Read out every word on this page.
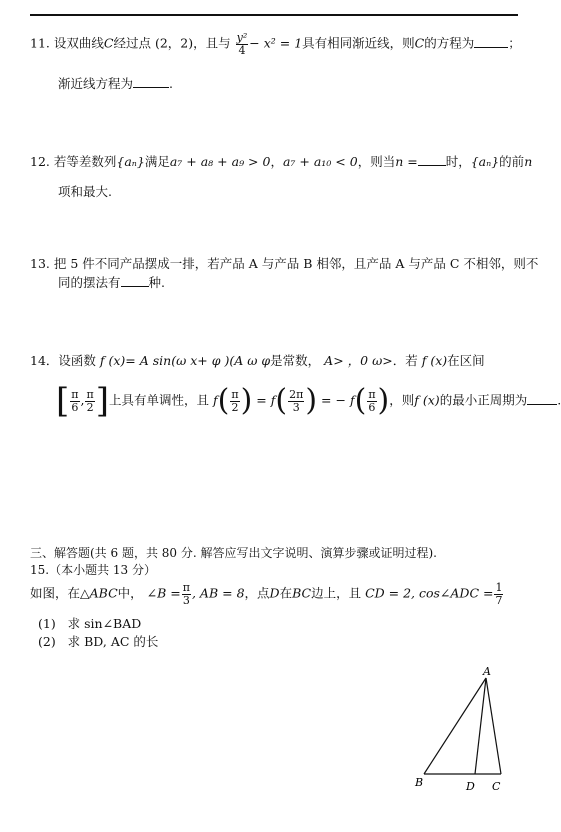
11. 设双曲线C经过点 (2，2)，且与 $\frac{\text{y²}}{4} - x^2 = 1$具有相同渐近线，则C的方程为	；
渐近线方程为	.
12. 若等差数列{aₙ}满足a₇ + a₈ + a₉ > 0，a₇ + a₁₀ < 0，则当n = 时，{aₙ}的前n
项和最大.
13. 把 5 件不同产品摆成一排，若产品 A 与产品 B 相邻，且产品 A 与产品 C 不相邻，则不
同的摆法有 种.
14．设函数 f (x)= A sin(ω x+ φ )(A ω φ是常数， A> ，0 ω>．若 f (x)在区间
[ $\frac{\pi}{6}$ , $\frac{\pi}{2}$ ]上具有单调性，且 $f( \frac{\pi}{2}$ ) = $f( \frac{2\pi}{3}$ ) = − $f( \frac{\pi}{6}$ )，则f (x)的最小正周期为 .
三、解答题(共 6 题，共 80 分. 解答应写出文字说明、演算步骤或证明过程).
15.（本小题共 13 分）
如图，在△ABC中， ∠B = $\frac{\pi}{3}$ , AB = 8，点D在BC边上，且 CD = 2, cos∠ADC = $\frac{1}{7}$
(1) 求 sin∠BAD
(2) 求 BD, AC 的长
A
B	D C
